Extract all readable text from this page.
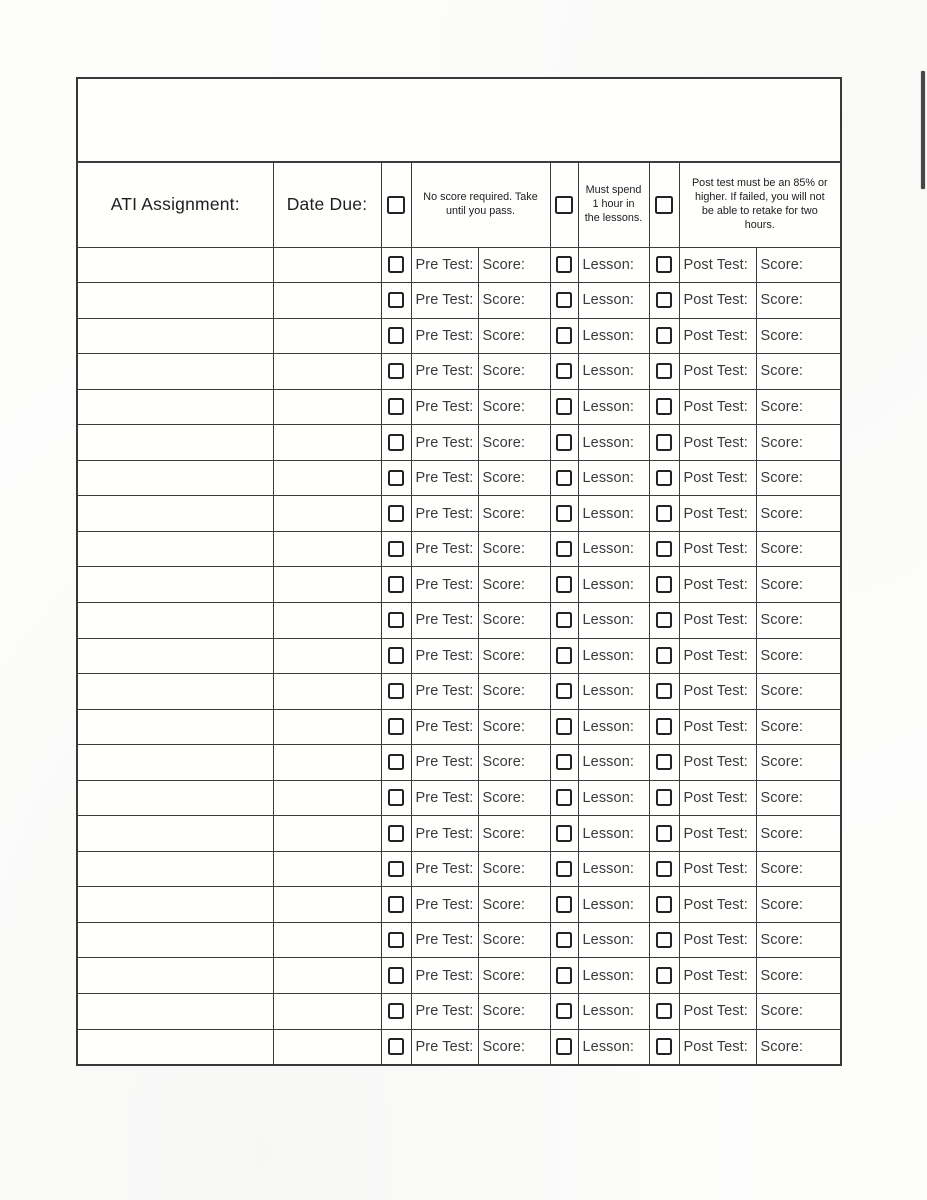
ATI Assignment:	Date Due:		No score required. Take until you pass.			Must spend 1 hour in the lessons.		Post test must be an 85% or higher. If failed, you will not be able to retake for two hours.	
			Pre Test:	Score:		Lesson:		Post Test:	Score:
			Pre Test:	Score:		Lesson:		Post Test:	Score:
			Pre Test:	Score:		Lesson:		Post Test:	Score:
			Pre Test:	Score:		Lesson:		Post Test:	Score:
			Pre Test:	Score:		Lesson:		Post Test:	Score:
			Pre Test:	Score:		Lesson:		Post Test:	Score:
			Pre Test:	Score:		Lesson:		Post Test:	Score:
			Pre Test:	Score:		Lesson:		Post Test:	Score:
			Pre Test:	Score:		Lesson:		Post Test:	Score:
			Pre Test:	Score:		Lesson:		Post Test:	Score:
			Pre Test:	Score:		Lesson:		Post Test:	Score:
			Pre Test:	Score:		Lesson:		Post Test:	Score:
			Pre Test:	Score:		Lesson:		Post Test:	Score:
			Pre Test:	Score:		Lesson:		Post Test:	Score:
			Pre Test:	Score:		Lesson:		Post Test:	Score:
			Pre Test:	Score:		Lesson:		Post Test:	Score:
			Pre Test:	Score:		Lesson:		Post Test:	Score:
			Pre Test:	Score:		Lesson:		Post Test:	Score:
			Pre Test:	Score:		Lesson:		Post Test:	Score:
			Pre Test:	Score:		Lesson:		Post Test:	Score:
			Pre Test:	Score:		Lesson:		Post Test:	Score:
			Pre Test:	Score:		Lesson:		Post Test:	Score:
			Pre Test:	Score:		Lesson:		Post Test:	Score:
